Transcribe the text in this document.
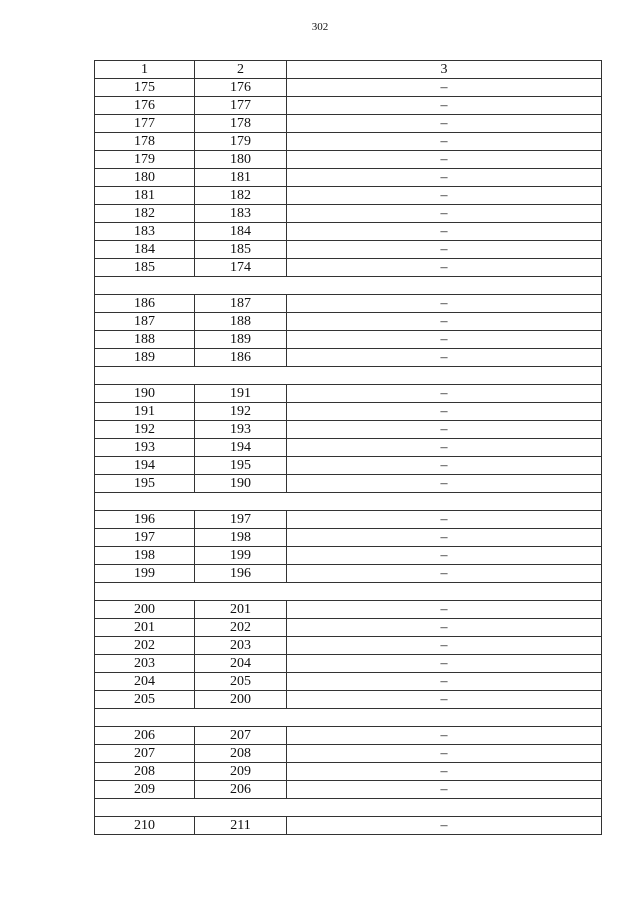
302
1	2	3
175	176	–
176	177	–
177	178	–
178	179	–
179	180	–
180	181	–
181	182	–
182	183	–
183	184	–
184	185	–
185	174	–

186	187	–
187	188	–
188	189	–
189	186	–

190	191	–
191	192	–
192	193	–
193	194	–
194	195	–
195	190	–

196	197	–
197	198	–
198	199	–
199	196	–

200	201	–
201	202	–
202	203	–
203	204	–
204	205	–
205	200	–

206	207	–
207	208	–
208	209	–
209	206	–

210	211	–
